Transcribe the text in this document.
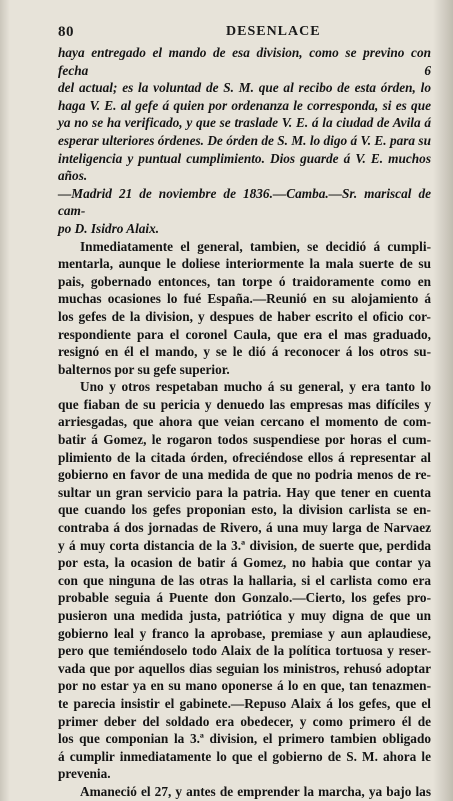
80	DESENLACE

haya entregado el mando de esa division, como se previno con fecha 6

del actual; es la voluntad de S. M. que al recibo de esta órden, lo

haga V. E. al gefe á quien por ordenanza le corresponda, si es que

ya no se ha verificado, y que se traslade V. E. á la ciudad de Avila á

esperar ulteriores órdenes. De órden de S. M. lo digo á V. E. para su

inteligencia y puntual cumplimiento. Dios guarde á V. E. muchos años.

—Madrid 21 de noviembre de 1836.—Camba.—Sr. mariscal de cam-

po D. Isidro Alaix.

Inmediatamente el general, tambien, se decidió á cumpli-

mentarla, aunque le doliese interiormente la mala suerte de su

pais, gobernado entonces, tan torpe ó traidoramente como en

muchas ocasiones lo fué España.—Reunió en su alojamiento á

los gefes de la division, y despues de haber escrito el oficio cor-

respondiente para el coronel Caula, que era el mas graduado,

resignó en él el mando, y se le dió á reconocer á los otros su-

balternos por su gefe superior.

Uno y otros respetaban mucho á su general, y era tanto lo

que fiaban de su pericia y denuedo las empresas mas difíciles y

arriesgadas, que ahora que veian cercano el momento de com-

batir á Gomez, le rogaron todos suspendiese por horas el cum-

plimiento de la citada órden, ofreciéndose ellos á representar al

gobierno en favor de una medida de que no podria menos de re-

sultar un gran servicio para la patria. Hay que tener en cuenta

que cuando los gefes proponian esto, la division carlista se en-

contraba á dos jornadas de Rivero, á una muy larga de Narvaez

y á muy corta distancia de la 3.ª division, de suerte que, perdida

por esta, la ocasion de batir á Gomez, no habia que contar ya

con que ninguna de las otras la hallaria, si el carlista como era

probable seguia á Puente don Gonzalo.—Cierto, los gefes pro-

pusieron una medida justa, patriótica y muy digna de que un

gobierno leal y franco la aprobase, premiase y aun aplaudiese,

pero que temiéndoselo todo Alaix de la política tortuosa y reser-

vada que por aquellos dias seguian los ministros, rehusó adoptar

por no estar ya en su mano oponerse á lo en que, tan tenazmen-

te parecia insistir el gabinete.—Repuso Alaix á los gefes, que el

primer deber del soldado era obedecer, y como primero él de

los que componian la 3.ª division, el primero tambien obligado

á cumplir inmediatamente lo que el gobierno de S. M. ahora le

prevenia.

Amaneció el 27, y antes de emprender la marcha, ya bajo las
